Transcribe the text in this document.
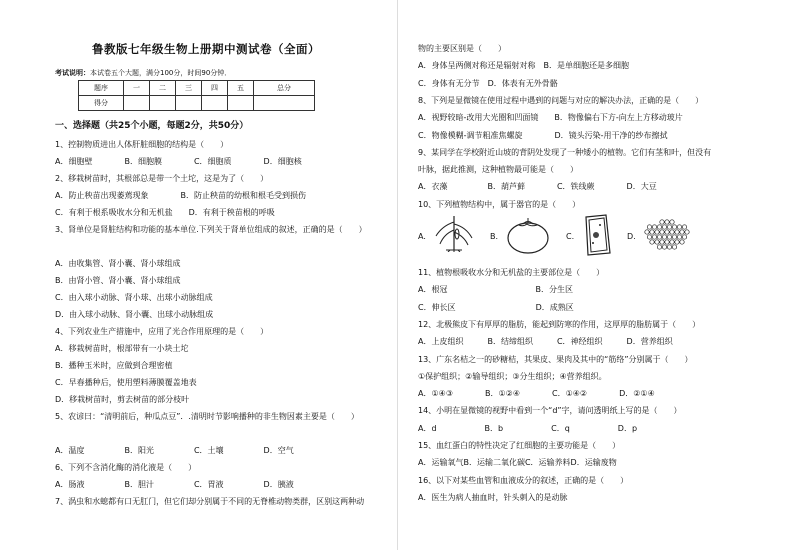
鲁教版七年级生物上册期中测试卷（全面）
考试说明：本试卷五个大题，满分100分，时间90分钟．
题序	一	二	三	四	五	总分
得分						
一、选择题（共25个小题，每题2分，共50分）
1、控制物质进出人体肝脏细胞的结构是（　　）
A．细胞壁　　　　B．细胞膜　　　　C．细胞质　　　　D．细胞核
2、移栽树苗时，其根部总是带一个土坨，这是为了（　　）
A．防止秧苗出现萎蔫现象　　　　B．防止秧苗的幼根和根毛受到损伤
C．有利于根系吸收水分和无机盐　　D．有利于秧苗根的呼吸
3、肾单位是肾脏结构和功能的基本单位.下列关于肾单位组成的叙述，正确的是（　　）
A．由收集管、肾小囊、肾小球组成
B．由肾小管、肾小囊、肾小球组成
C．由入球小动脉、肾小球、出球小动脉组成
D．由入球小动脉、肾小囊、出球小动脉组成
4、下列农业生产措施中，应用了光合作用原理的是（　　）
A．移栽树苗时，根部带有一小块土坨
B．播种玉米时，应做到合理密植
C．早春播种后，使用塑料薄膜覆盖地表
D．移栽树苗时，剪去树苗的部分枝叶
5、农谚曰：“清明前后，种瓜点豆”．.清明时节影响播种的非生物因素主要是（　　）
A．温度　　　　　B．阳光　　　　　C．土壤　　　　　D．空气
6、下列不含消化酶的消化液是（　　）
A．肠液　　　　　B．胆汁　　　　　C．胃液　　　　　D．胰液
7、涡虫和水螅都有口无肛门，但它们却分别属于不同的无脊椎动物类群，区别这两种动
物的主要区别是（　　）
A．身体呈两侧对称还是辐射对称　B．是单细胞还是多细胞
C．身体有无分节　D．体表有无外骨骼
8、下列是显微镜在使用过程中遇到的问题与对应的解决办法，正确的是（　　）
A．视野较暗-改用大光圈和凹面镜　　B．物像偏右下方-向左上方移动玻片
C．物像模糊-调节粗准焦螺旋　　　　D．镜头污染-用干净的纱布擦拭
9、某同学在学校附近山坡的背阴处发现了一种矮小的植物。它们有茎和叶，但没有
叶脉，据此推测，这种植物最可能是（　　）
A．衣藻　　　　　B．葫芦藓　　　　C．铁线蕨　　　　D．大豆
10、下列植物结构中，属于器官的是（　　）
11、植物根吸收水分和无机盐的主要部位是（　　）
A．根冠　　　　　　　　　　　B．分生区
C．伸长区　　　　　　　　　　D．成熟区
12、北极熊皮下有厚厚的脂肪，能起到防寒的作用，这厚厚的脂肪属于（　　）
A．上皮组织　　　B．结缔组织　　　C．神经组织　　　D．营养组织
13、广东名桔之一的砂糖桔，其果皮、果肉及其中的“筋络”分别属于（　　）
①保护组织；②输导组织；③分生组织；④营养组织。
A．①④③　　　　B．①②④　　　　C．①④②　　　　D．②①④
14、小明在显微镜的视野中看到一个“d”字，请问透明纸上写的是（　　）
A．d　　　　　　B．b　　　　　　C．q　　　　　　D．p
15、血红蛋白的特性决定了红细胞的主要功能是（　　）
A．运输氧气B．运输二氧化碳C．运输养料D．运输废物
16、以下对某些血管和血液成分的叙述，正确的是（　　）
A．医生为病人抽血时，针头刺入的是动脉
A.	B.	C.	D.
